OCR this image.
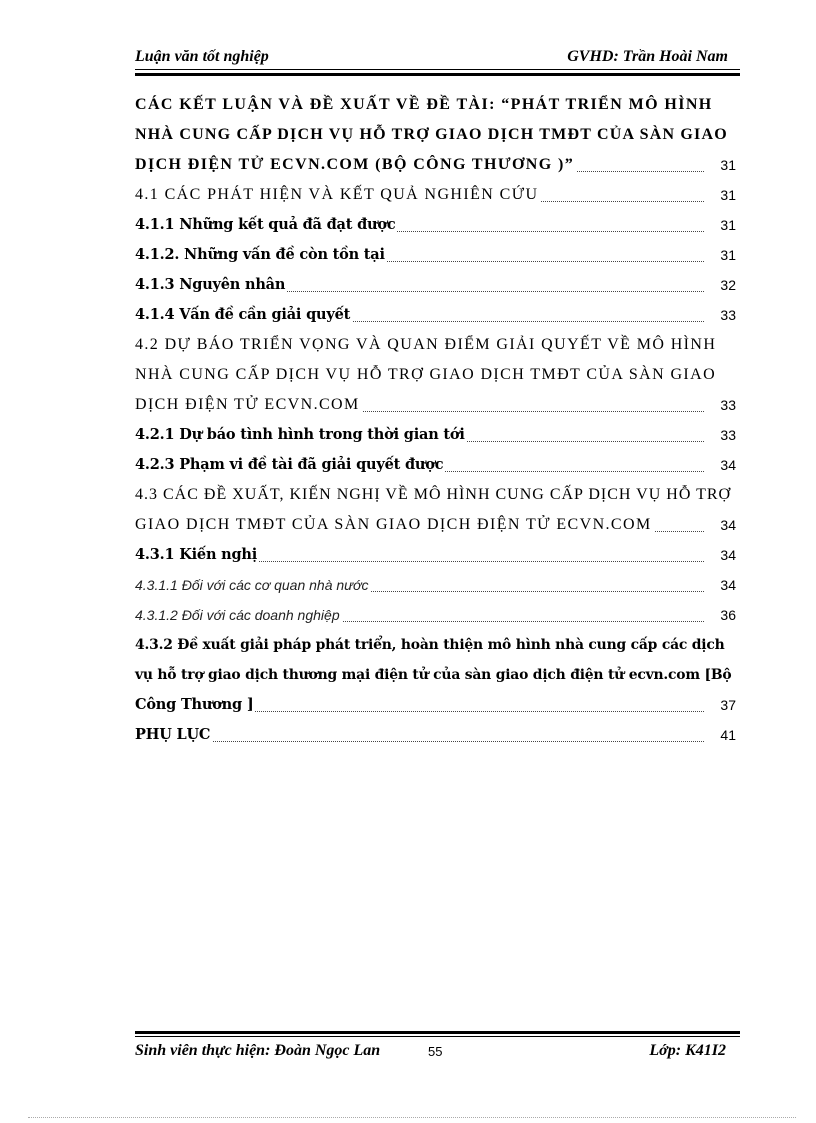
Luận văn tốt nghiệp	GVHD: Trần Hoài Nam
CÁC KẾT LUẬN VÀ ĐỀ XUẤT VỀ ĐỀ TÀI: “PHÁT TRIỂN MÔ HÌNH
NHÀ CUNG CẤP DỊCH VỤ HỖ TRỢ GIAO DỊCH TMĐT CỦA SÀN GIAO
DỊCH ĐIỆN TỬ ECVN.COM (BỘ CÔNG THƯƠNG )”	31
4.1 CÁC PHÁT HIỆN VÀ KẾT QUẢ NGHIÊN CỨU	31
4.1.1 Những kết quả đã đạt được	31
4.1.2. Những vấn đề còn tồn tại	31
4.1.3 Nguyên nhân	32
4.1.4 Vấn đề cần giải quyết	33
4.2 DỰ BÁO TRIỂN VỌNG VÀ QUAN ĐIỂM GIẢI QUYẾT VỀ MÔ HÌNH
NHÀ CUNG CẤP DỊCH VỤ HỖ TRỢ GIAO DỊCH TMĐT CỦA SÀN GIAO
DỊCH ĐIỆN TỬ ECVN.COM	33
4.2.1 Dự báo tình hình trong thời gian tới	33
4.2.3 Phạm vi đề tài đã giải quyết được	34
4.3 CÁC ĐỀ XUẤT, KIẾN NGHỊ VỀ MÔ HÌNH CUNG CẤP DỊCH VỤ HỖ TRỢ
GIAO DỊCH TMĐT CỦA SÀN GIAO DỊCH ĐIỆN TỬ ECVN.COM	34
4.3.1 Kiến nghị	34
4.3.1.1 Đối với các cơ quan nhà nước	34
4.3.1.2 Đối với các doanh nghiệp	36
4.3.2 Đề xuất giải pháp phát triển, hoàn thiện mô hình nhà cung cấp các dịch
vụ hỗ trợ giao dịch thương mại điện tử của sàn giao dịch điện tử ecvn.com [Bộ
Công Thương ]	37
PHỤ LỤC	41
Sinh viên thực hiện: Đoàn Ngọc Lan	55	Lớp: K41I2
